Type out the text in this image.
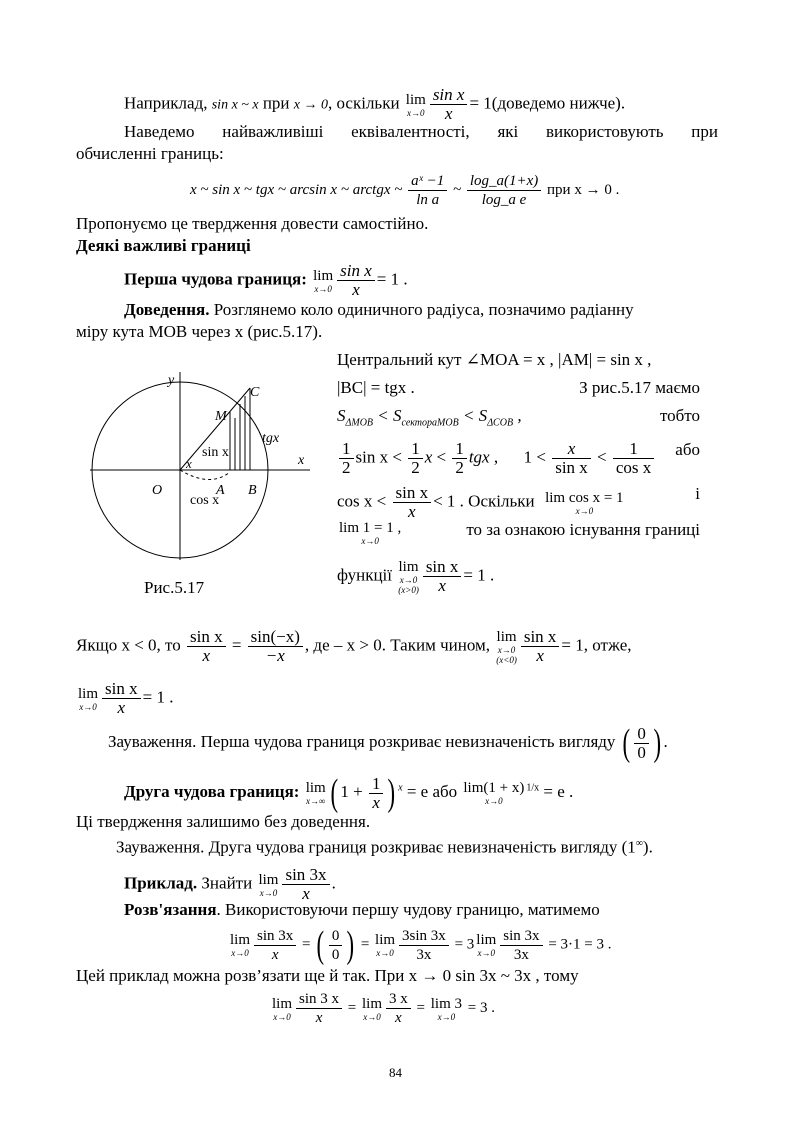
Наприклад, sin x ~ x при x → 0, оскільки lim
$x\to 0 \frac{\text{sin x}}{x}$ = 1(доведемо нижче).
Наведемо найважливіші еквівалентності, які використовують при
обчисленні границь:
x ~ sin x ~ tgx ~ arcsin x ~ arctgx ~ $\frac{\text{aˣ −1}}{\text{ln a}}$ ~ $\frac{\log\_a(1+x)}{\text{log\_a e}}$ при x → 0 .
Пропонуємо це твердження довести самостійно.
Деякі важливі границі
Перша чудова границя: lim
$x\to 0 \frac{\text{sin x}}{x} = 1$ .
Доведення. Розглянемо коло одиничного радіуса, позначимо радіанну
міру кута MOB через x (рис.5.17).
y
x
C
M
O	A B
tgx
sin x
cos x
x
Рис.5.17
Центральний кут ∠MOA = x , |AM| = sin x ,
|BC| = tgx .	З рис.5.17 маємо
$S_{\Delta MOB} < S_{сектораMOB} < S_{\Delta COB}$ ,	тобто
$\frac{1}{2}$ $\sin x < \frac{1}{2}$ $x < \frac{1}{2}$ tgx ,      $1 < \frac{x}{\text{sin x}} < \frac{1}{\text{cos x}}$ або
$\cos x < \frac{\text{sin x}}{x} < 1$ . Оскільки lim cos x = 1
x→0
і
lim 1 = 1 ,
x→0
то за ознакою існування границі
функції lim
x→0
$(x>0) \frac{\text{sin x}}{x} = 1$ .
Якщо x < 0, то $\frac{\text{sin x}}{x} = \frac{\sin(-x)}{-x}$ , де – x > 0. Таким чином, lim
x→0
$(x<0) \frac{\text{sin x}}{x} = 1$, отже,
lim
$x\to 0 \frac{\text{sin x}}{x} = 1$ .
Зауваження. Перша чудова границя розкриває невизначеність вигляду ( $\frac{0}{0}$ ) .
Друга чудова границя: lim
x→∞ ( $1 + \frac{1}{x}$ ) $^x$ = e або lim(1 + x)
x→0
$^{1/x}$ = e .
Ці твердження залишимо без доведення.
Зауваження. Друга чудова границя розкриває невизначеність вигляду (1∞).
Приклад. Знайти lim
$x\to 0 \frac{\sin 3x}{x}$ .
Розв'язання. Використовуючи першу чудову границю, матимемо
lim
$x\to 0 \frac{\sin 3x}{x}$ = ( $\frac{0}{0}$ ) = lim
$x\to 0 \frac{3\sin 3x}{3x} = 3$ lim
$x\to 0 \frac{\sin 3x}{3x} = 3\cdot 1 = 3$ .
Цей приклад можна розв’язати ще й так. При x → 0 sin 3x ~ 3x , тому
lim
$x\to 0 \frac{\sin 3 x}{x} = \lim$
$x\to 0 \frac{3 x}{x} = \lim 3$
x→0
= 3 .
84
